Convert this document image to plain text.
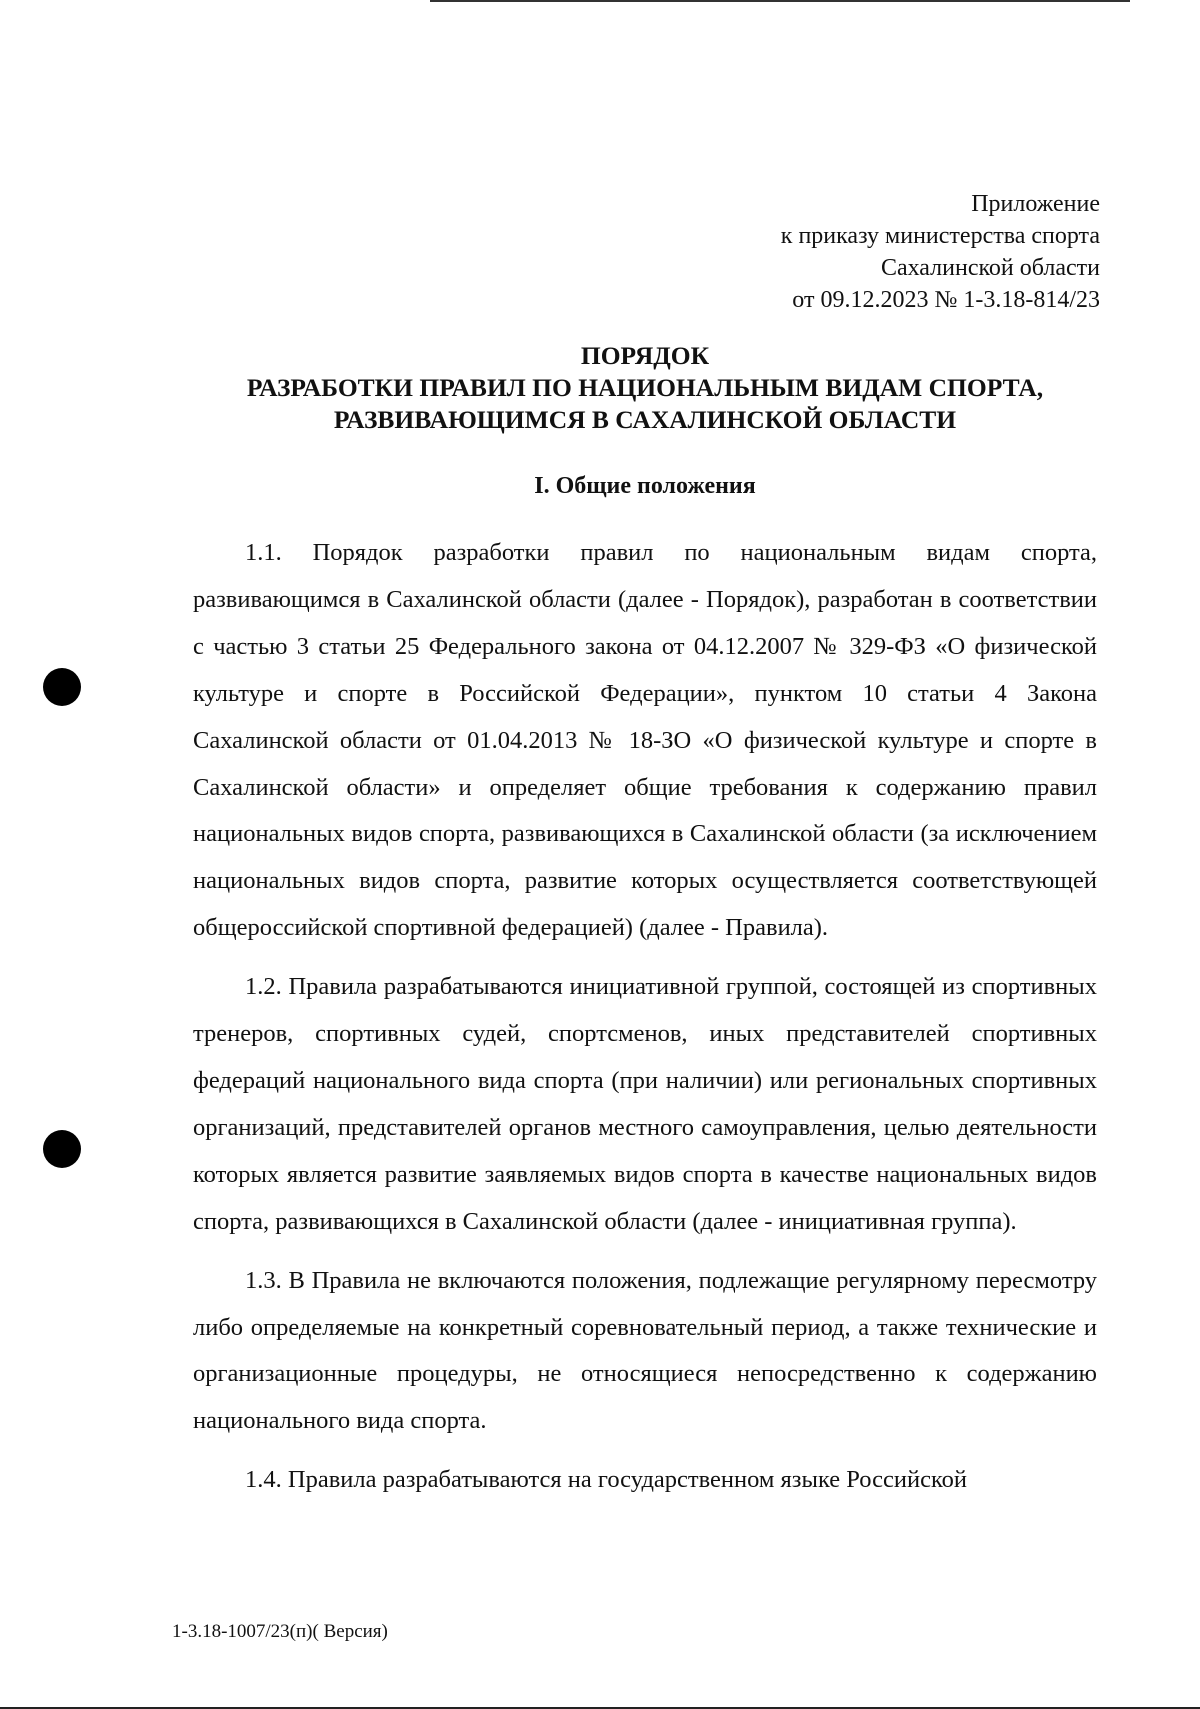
Приложение
к приказу министерства спорта
Сахалинской области
от 09.12.2023 № 1-3.18-814/23
ПОРЯДОК
РАЗРАБОТКИ ПРАВИЛ ПО НАЦИОНАЛЬНЫМ ВИДАМ СПОРТА,
РАЗВИВАЮЩИМСЯ В САХАЛИНСКОЙ ОБЛАСТИ
I. Общие положения

1.1. Порядок разработки правил по национальным видам спорта, развивающимся в Сахалинской области (далее - Порядок), разработан в соответствии с частью 3 статьи 25 Федерального закона от 04.12.2007 № 329-ФЗ «О физической культуре и спорте в Российской Федерации», пунктом 10 статьи 4 Закона Сахалинской области от 01.04.2013 № 18-ЗО «О физической культуре и спорте в Сахалинской области» и определяет общие требования к содержанию правил национальных видов спорта, развивающихся в Сахалинской области (за исключением национальных видов спорта, развитие которых осуществляется соответствующей общероссийской спортивной федерацией) (далее - Правила).

1.2. Правила разрабатываются инициативной группой, состоящей из спортивных тренеров, спортивных судей, спортсменов, иных представителей спортивных федераций национального вида спорта (при наличии) или региональных спортивных организаций, представителей органов местного самоуправления, целью деятельности которых является развитие заявляемых видов спорта в качестве национальных видов спорта, развивающихся в Сахалинской области (далее - инициативная группа).

1.3. В Правила не включаются положения, подлежащие регулярному пересмотру либо определяемые на конкретный соревновательный период, а также технические и организационные процедуры, не относящиеся непосредственно к содержанию национального вида спорта.

1.4. Правила разрабатываются на государственном языке Российской

1-3.18-1007/23(п)( Версия)
